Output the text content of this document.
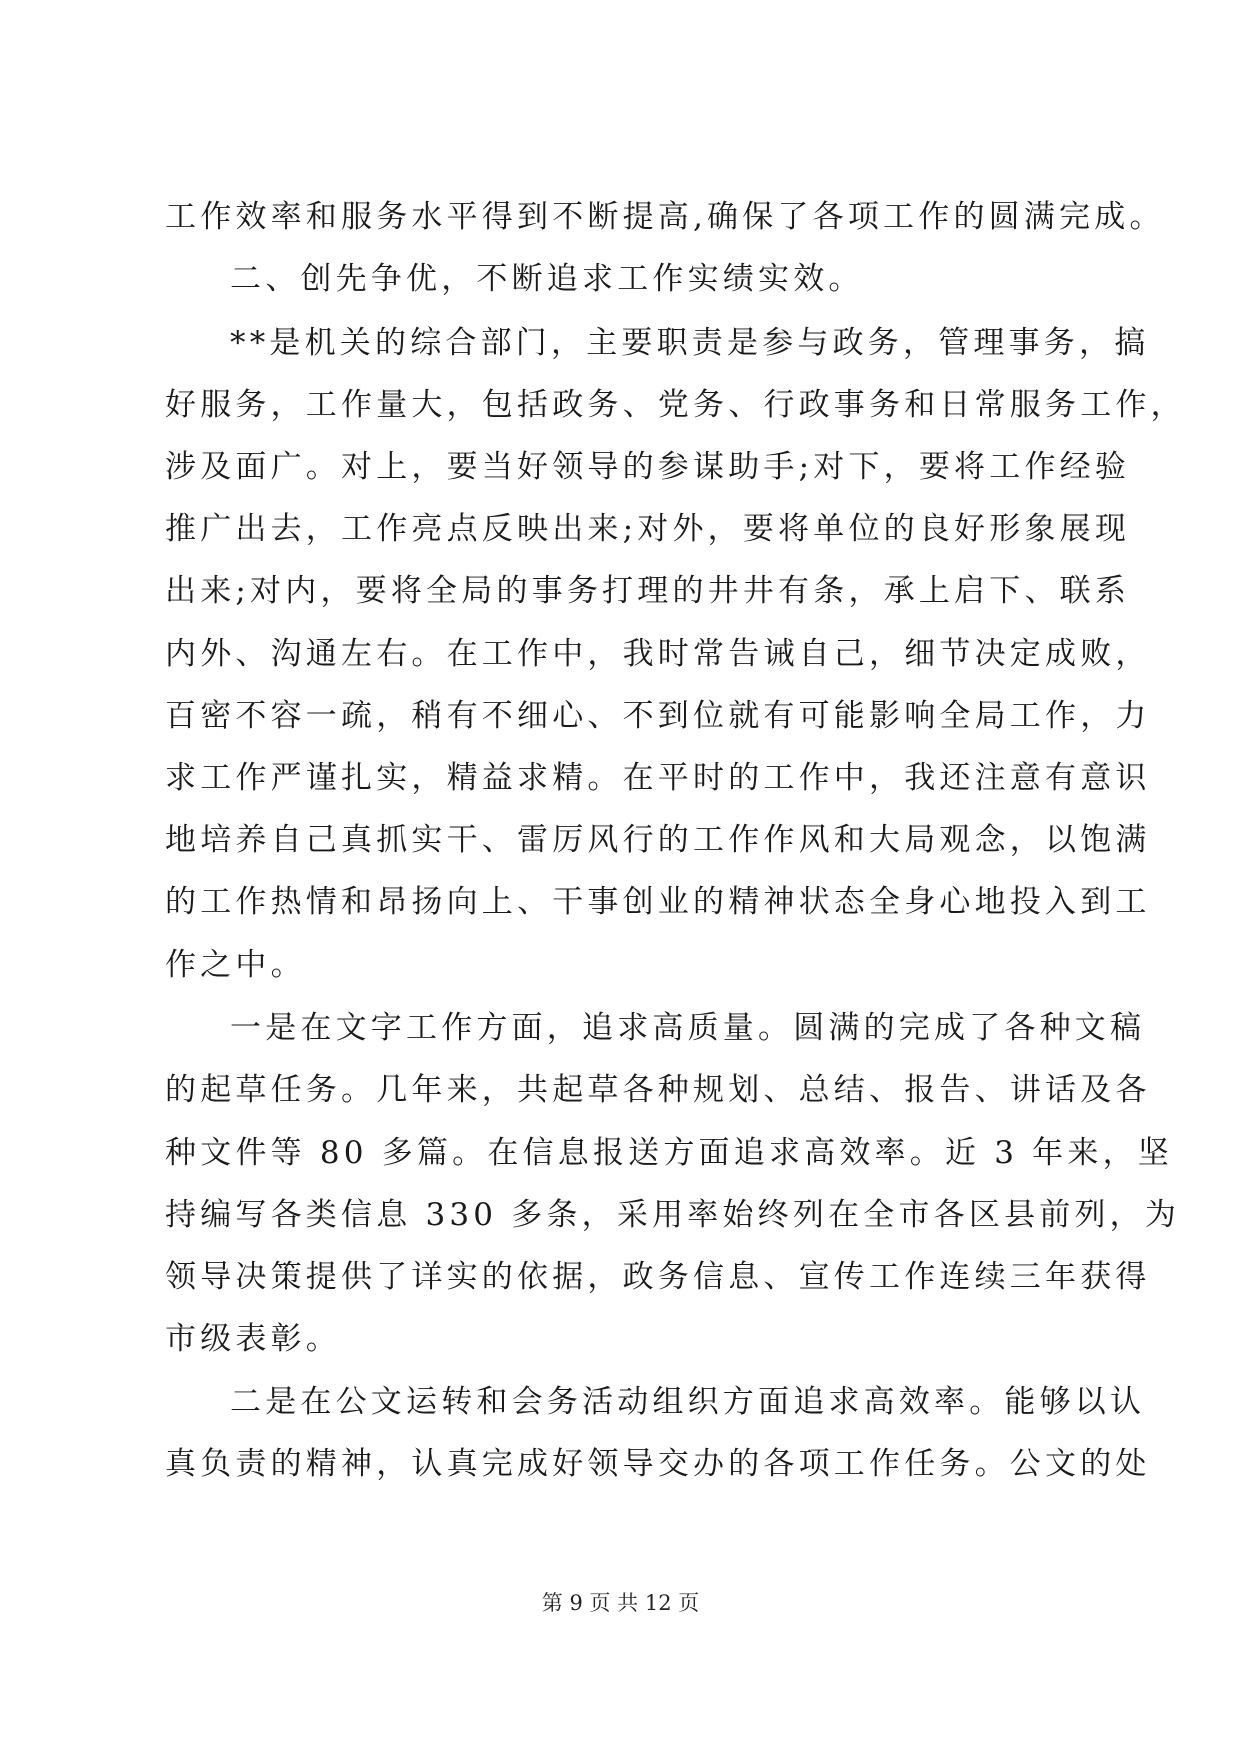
工作效率和服务水平得到不断提高,确保了各项工作的圆满完成。
二、创先争优，不断追求工作实绩实效。
**是机关的综合部门，主要职责是参与政务，管理事务，搞
好服务，工作量大，包括政务、党务、行政事务和日常服务工作，
涉及面广。对上，要当好领导的参谋助手;对下，要将工作经验
推广出去，工作亮点反映出来;对外，要将单位的良好形象展现
出来;对内，要将全局的事务打理的井井有条，承上启下、联系
内外、沟通左右。在工作中，我时常告诫自己，细节决定成败，
百密不容一疏，稍有不细心、不到位就有可能影响全局工作，力
求工作严谨扎实，精益求精。在平时的工作中，我还注意有意识
地培养自己真抓实干、雷厉风行的工作作风和大局观念，以饱满
的工作热情和昂扬向上、干事创业的精神状态全身心地投入到工
作之中。
一是在文字工作方面，追求高质量。圆满的完成了各种文稿
的起草任务。几年来，共起草各种规划、总结、报告、讲话及各
种文件等 80 多篇。在信息报送方面追求高效率。近 3 年来，坚
持编写各类信息 330 多条，采用率始终列在全市各区县前列，为
领导决策提供了详实的依据，政务信息、宣传工作连续三年获得
市级表彰。
二是在公文运转和会务活动组织方面追求高效率。能够以认
真负责的精神，认真完成好领导交办的各项工作任务。公文的处
第 9 页 共 12 页
